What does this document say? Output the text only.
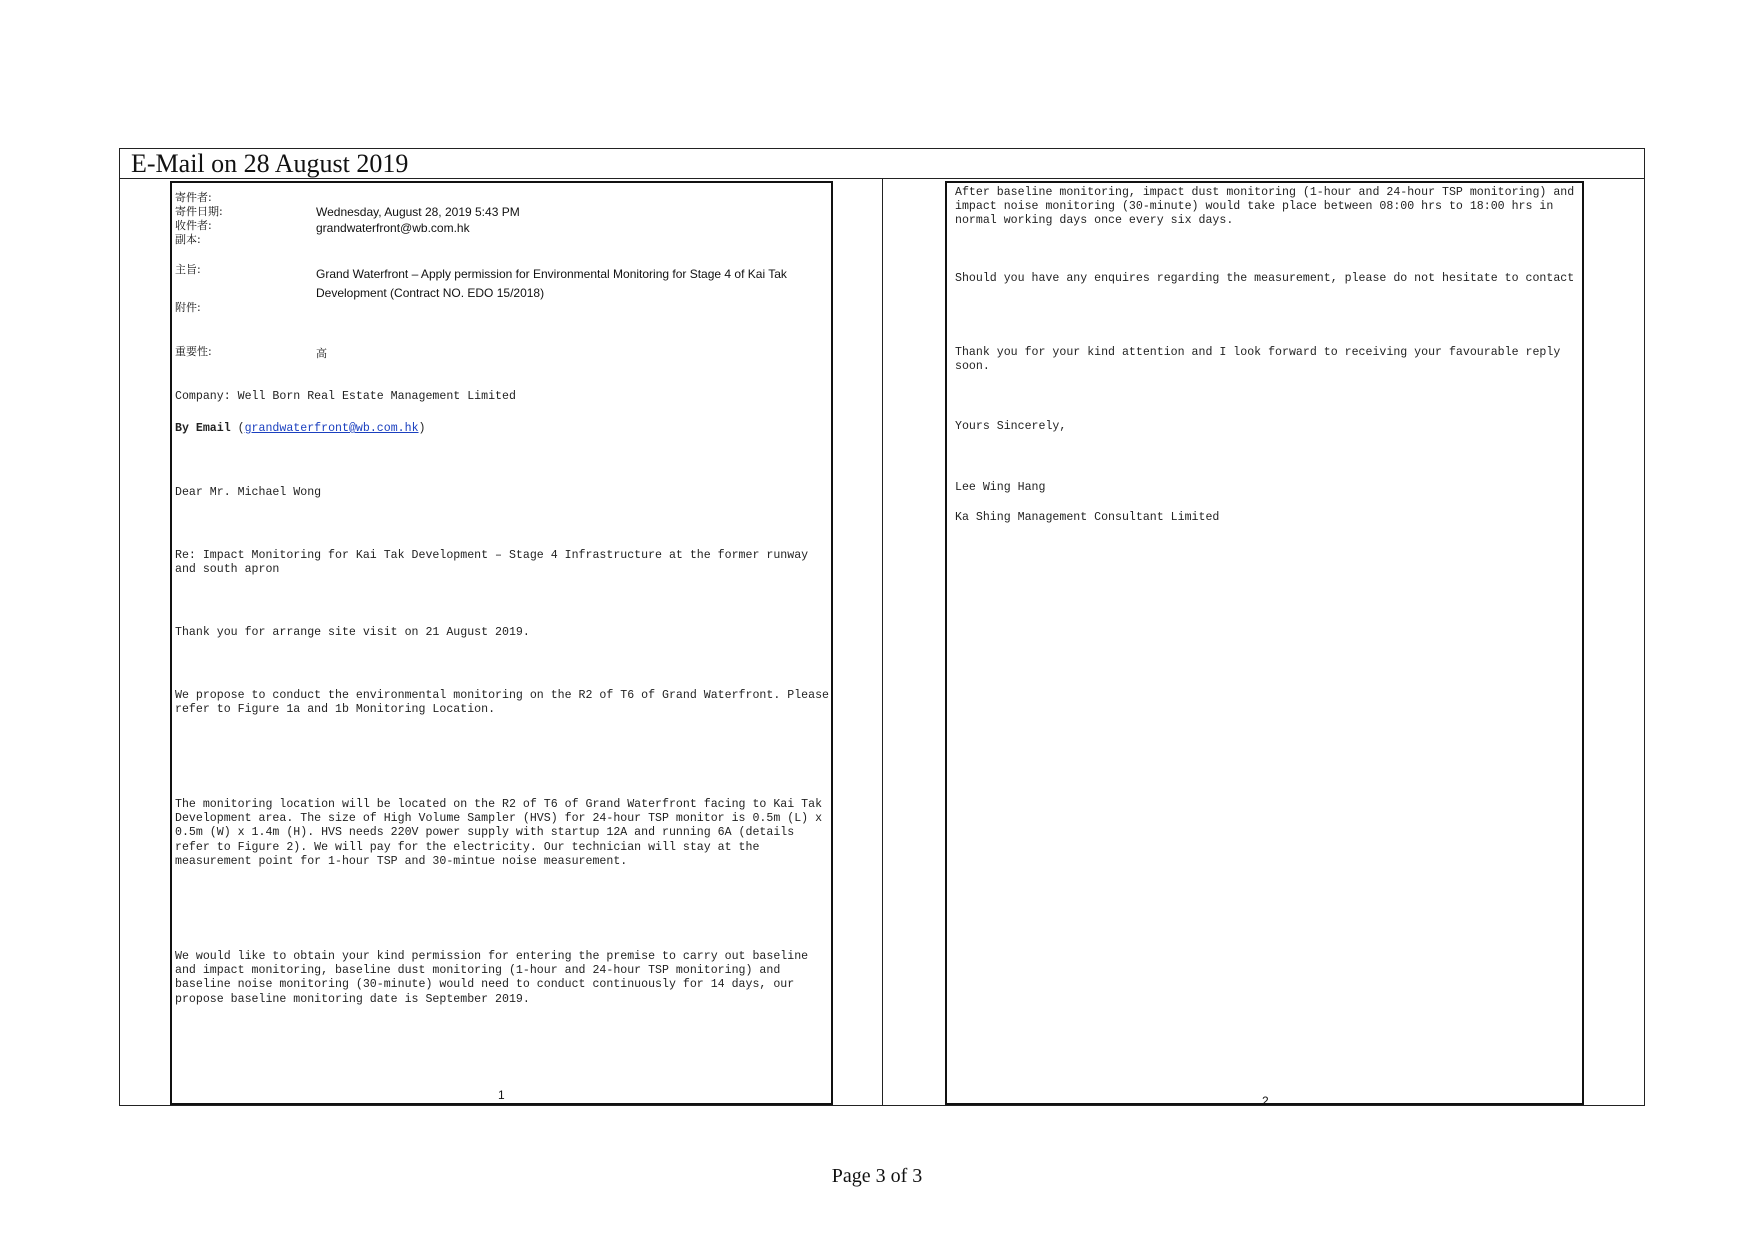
E-Mail on 28 August 2019
寄件者:
寄件日期:	Wednesday, August 28, 2019 5:43 PM
收件者:	grandwaterfront@wb.com.hk
副本:
主旨:	Grand Waterfront – Apply permission for Environmental Monitoring for Stage 4 of Kai Tak Development (Contract NO. EDO 15/2018)
附件:
重要性:	高
Company: Well Born Real Estate Management Limited
By Email (grandwaterfront@wb.com.hk)
Dear Mr. Michael Wong
Re: Impact Monitoring for Kai Tak Development – Stage 4 Infrastructure at the former runway and south apron
Thank you for arrange site visit on 21 August 2019.
We propose to conduct the environmental monitoring on the R2 of T6 of Grand Waterfront. Please refer to Figure 1a and 1b Monitoring Location.
The monitoring location will be located on the R2 of T6 of Grand Waterfront facing to Kai Tak Development area. The size of High Volume Sampler (HVS) for 24-hour TSP monitor is 0.5m (L) x 0.5m (W) x 1.4m (H). HVS needs 220V power supply with startup 12A and running 6A (details refer to Figure 2). We will pay for the electricity. Our technician will stay at the measurement point for 1-hour TSP and 30-mintue noise measurement.
We would like to obtain your kind permission for entering the premise to carry out baseline and impact monitoring, baseline dust monitoring (1-hour and 24-hour TSP monitoring) and baseline noise monitoring (30-minute) would need to conduct continuously for 14 days, our propose baseline monitoring date is September 2019.
1
After baseline monitoring, impact dust monitoring (1-hour and 24-hour TSP monitoring) and impact noise monitoring (30-minute) would take place between 08:00 hrs to 18:00 hrs in normal working days once every six days.
Should you have any enquires regarding the measurement, please do not hesitate to contact
Thank you for your kind attention and I look forward to receiving your favourable reply soon.
Yours Sincerely,
Lee Wing Hang
Ka Shing Management Consultant Limited
2
Page 3 of 3
